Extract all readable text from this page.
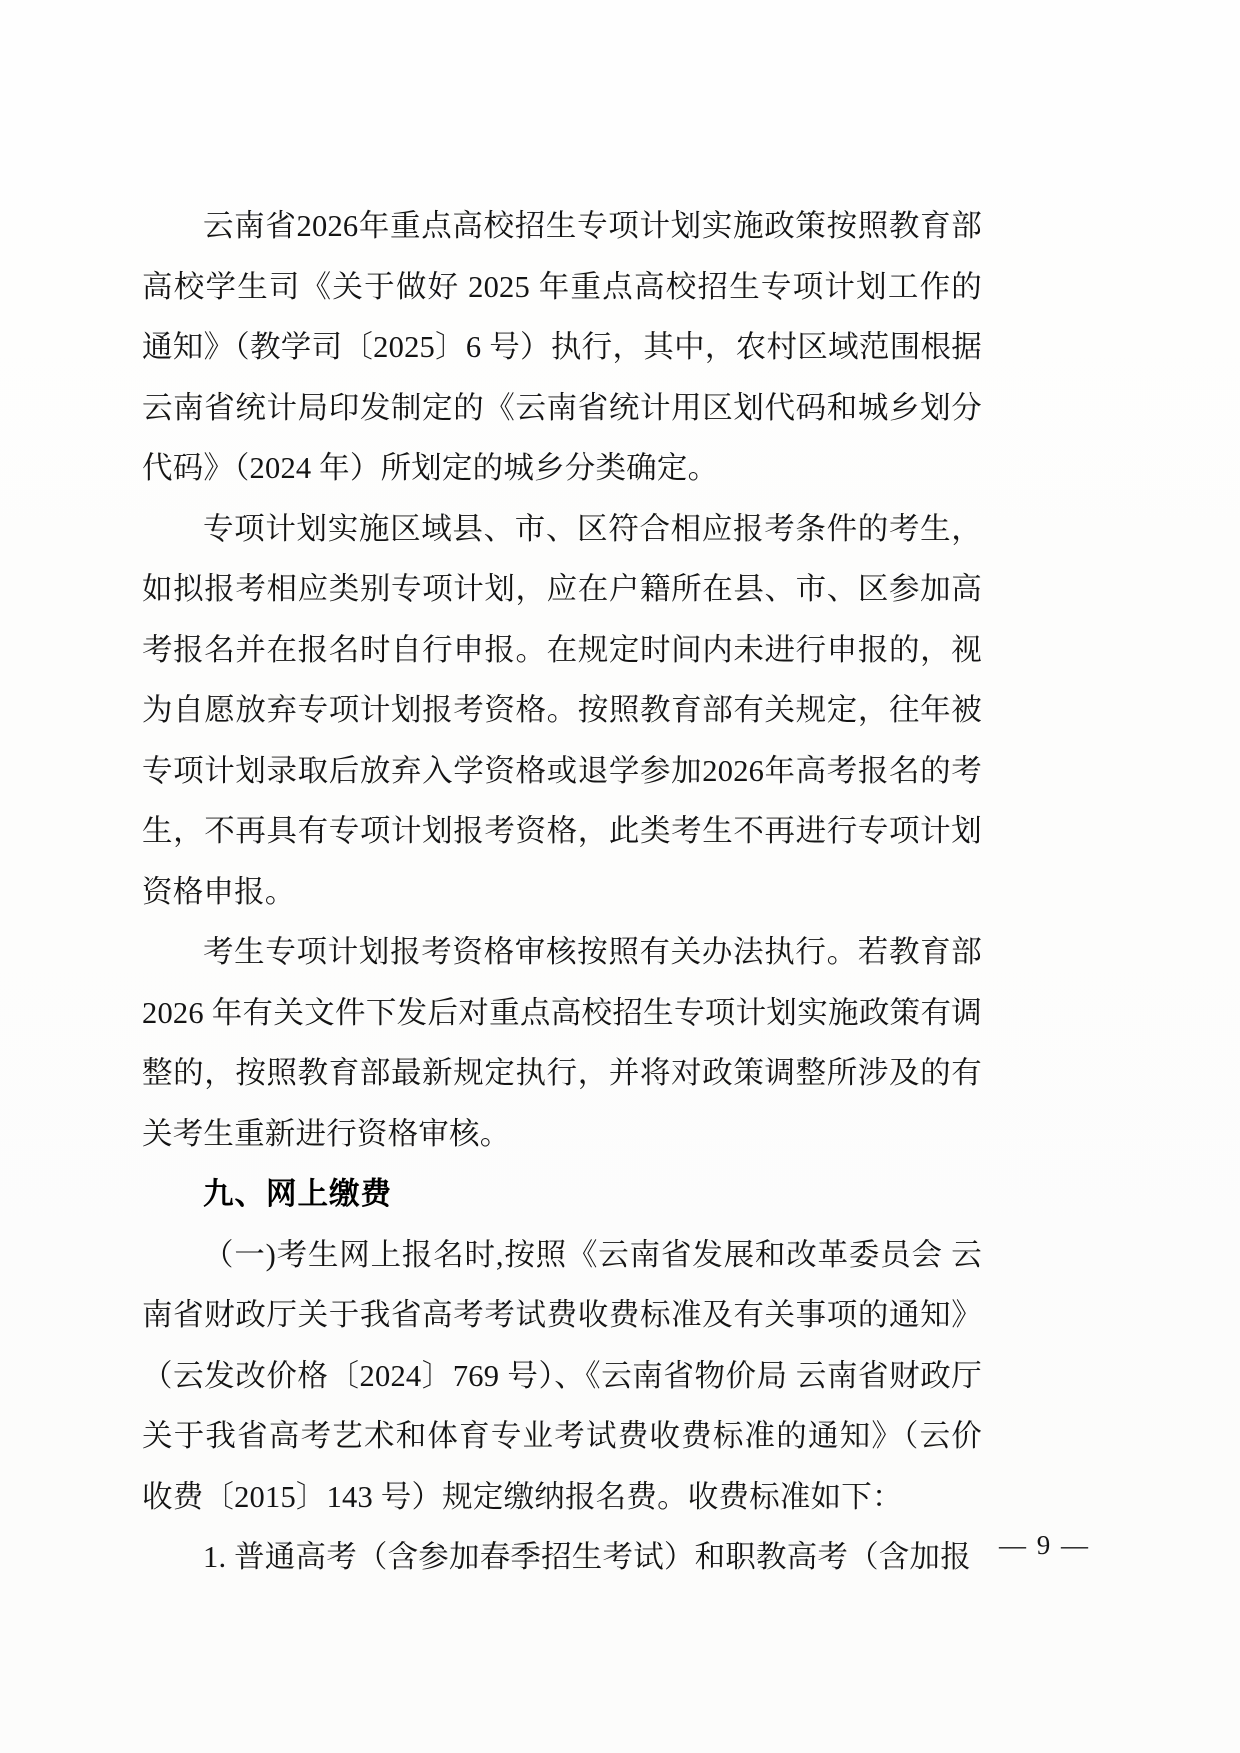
云南省2026年重点高校招生专项计划实施政策按照教育部高校学生司《关于做好 2025 年重点高校招生专项计划工作的通知》（教学司〔2025〕6 号）执行，其中，农村区域范围根据云南省统计局印发制定的《云南省统计用区划代码和城乡划分代码》（2024 年）所划定的城乡分类确定。

专项计划实施区域县、市、区符合相应报考条件的考生，如拟报考相应类别专项计划，应在户籍所在县、市、区参加高考报名并在报名时自行申报。在规定时间内未进行申报的，视为自愿放弃专项计划报考资格。按照教育部有关规定，往年被专项计划录取后放弃入学资格或退学参加2026年高考报名的考生，不再具有专项计划报考资格，此类考生不再进行专项计划资格申报。

考生专项计划报考资格审核按照有关办法执行。若教育部2026 年有关文件下发后对重点高校招生专项计划实施政策有调整的，按照教育部最新规定执行，并将对政策调整所涉及的有关考生重新进行资格审核。

九、网上缴费

（一)考生网上报名时,按照《云南省发展和改革委员会 云南省财政厅关于我省高考考试费收费标准及有关事项的通知》（云发改价格〔2024〕769 号）、《云南省物价局 云南省财政厅关于我省高考艺术和体育专业考试费收费标准的通知》（云价收费〔2015〕143 号）规定缴纳报名费。收费标准如下：

1. 普通高考（含参加春季招生考试）和职教高考（含加报	— 9 —
